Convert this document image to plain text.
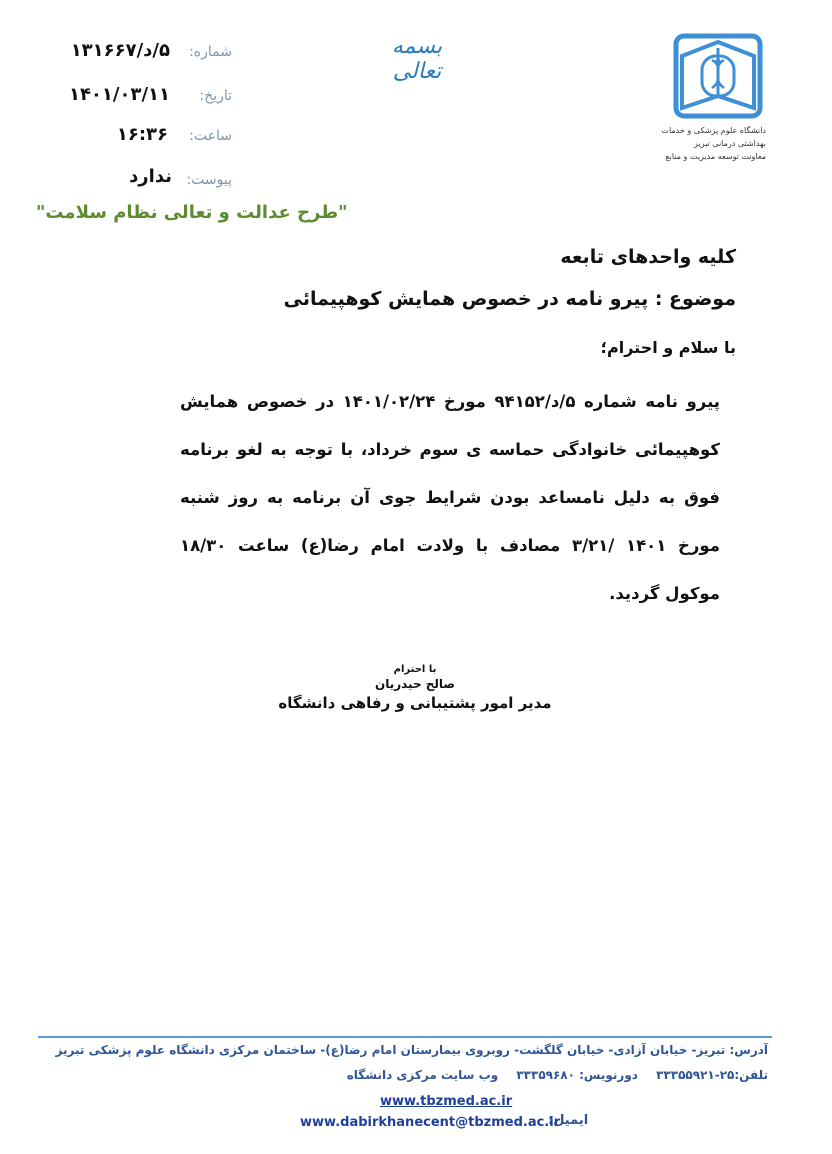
دانشگاه علوم پزشکی و خدمات بهداشتی درمانی تبریز
معاونت توسعه مدیریت و منابع
بسمه تعالی
شماره:
۵/د/۱۳۱۶۶۷
تاریخ:
۱۴۰۱/۰۳/۱۱
ساعت:
۱۶:۳۶
پیوست:
ندارد
"طرح عدالت و تعالی نظام سلامت"
کلیه واحدهای تابعه
موضوع : پیرو نامه در خصوص همایش کوهپیمائی
با سلام و احترام؛
پیرو نامه شماره ۵/د/۹۴۱۵۲ مورخ ۱۴۰۱/۰۲/۲۴ در خصوص همایش کوهپیمائی خانوادگی حماسه ی سوم خرداد، با توجه به لغو برنامه فوق به دلیل نامساعد بودن شرایط جوی آن برنامه به روز شنبه مورخ ۱۴۰۱ /۳/۲۱ مصادف با ولادت امام رضا(ع) ساعت ۱۸/۳۰ موکول گردید.
با احترام
صالح حیدریان
مدیر امور پشتیبانی و رفاهی دانشگاه
آدرس: تبریز- خیابان آزادی- خیابان گلگشت- روبروی بیمارستان امام رضا(ع)- ساختمان مرکزی دانشگاه علوم پزشکی تبریز
تلفن:۲۵-۳۳۳۵۵۹۲۱ دورنویس: ۳۳۳۵۹۶۸۰ وب سایت مرکزی دانشگاه
www.tbzmed.ac.ir
ایمیل:
www.dabirkhanecent@tbzmed.ac.ir
